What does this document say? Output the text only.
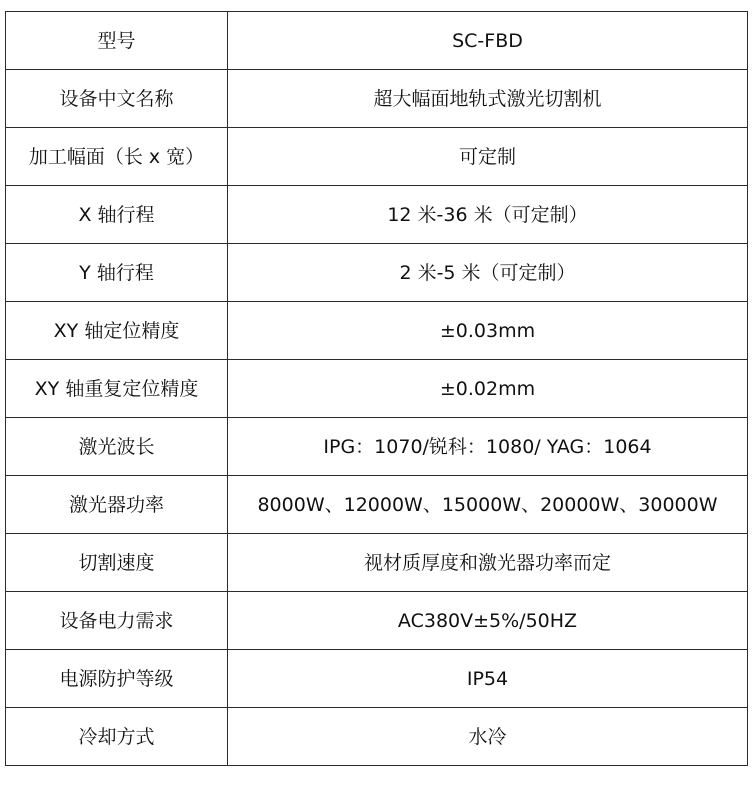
型号	SC-FBD
设备中文名称	超大幅面地轨式激光切割机
加工幅面（长 x 宽）	可定制
X 轴行程	12 米-36 米（可定制）
Y 轴行程	2 米-5 米（可定制）
XY 轴定位精度	±0.03mm
XY 轴重复定位精度	±0.02mm
激光波长	IPG：1070/锐科：1080/ YAG：1064
激光器功率	8000W、12000W、15000W、20000W、30000W
切割速度	视材质厚度和激光器功率而定
设备电力需求	AC380V±5%/50HZ
电源防护等级	IP54
冷却方式	水冷
